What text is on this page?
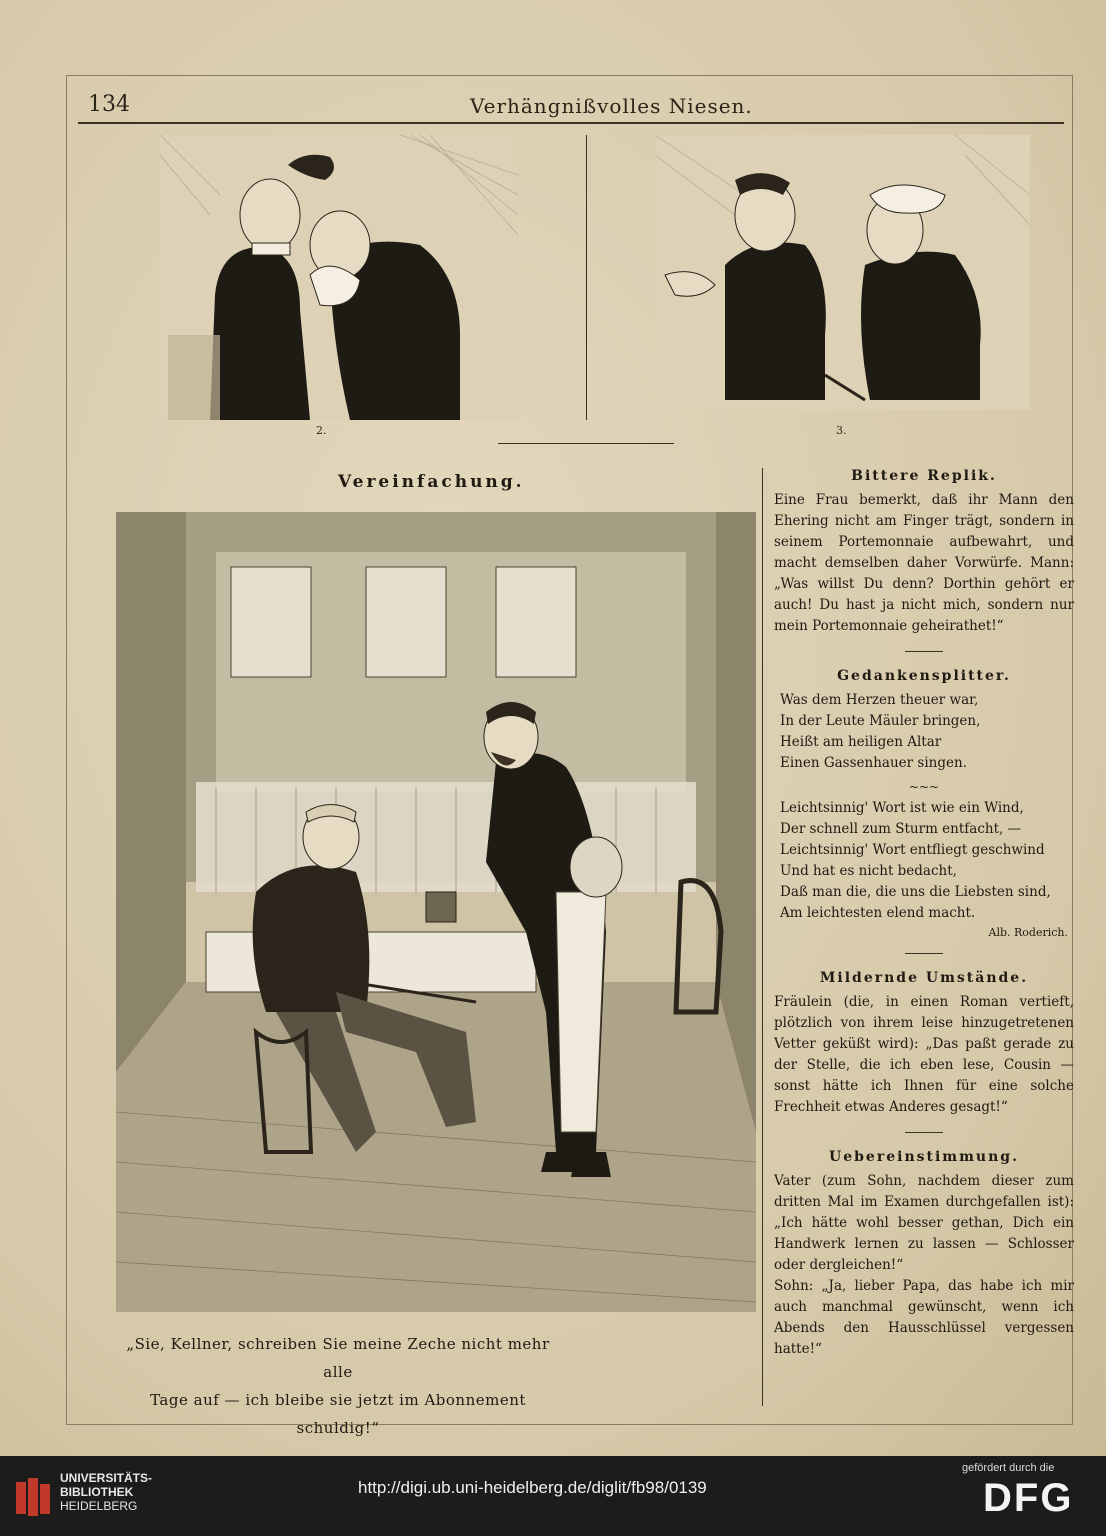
134	Verhängnißvolles Niesen.
2.	3.
Vereinfachung.
„Sie, Kellner, schreiben Sie meine Zeche nicht mehr alle
Tage auf — ich bleibe sie jetzt im Abonnement schuldig!“
Bittere Replik.

Eine Frau bemerkt, daß ihr Mann den Ehering nicht am Finger trägt, sondern in seinem Portemonnaie aufbewahrt, und macht demselben daher Vorwürfe. Mann: „Was willst Du denn? Dorthin gehört er auch! Du hast ja nicht mich, sondern nur mein Portemonnaie geheirathet!“

Gedankensplitter.
Was dem Herzen theuer war,
In der Leute Mäuler bringen,
Heißt am heiligen Altar
Einen Gassenhauer singen.
~~~
Leichtsinnig' Wort ist wie ein Wind,
Der schnell zum Sturm entfacht, —
Leichtsinnig' Wort entfliegt geschwind
Und hat es nicht bedacht,
Daß man die, die uns die Liebsten sind,
Am leichtesten elend macht.
Alb. Roderich.
Mildernde Umstände.

Fräulein (die, in einen Roman vertieft, plötzlich von ihrem leise hinzugetretenen Vetter geküßt wird): „Das paßt gerade zu der Stelle, die ich eben lese, Cousin — sonst hätte ich Ihnen für eine solche Frechheit etwas Anderes gesagt!“

Uebereinstimmung.

Vater (zum Sohn, nachdem dieser zum dritten Mal im Examen durchgefallen ist): „Ich hätte wohl besser gethan, Dich ein Handwerk lernen zu lassen — Schlosser oder dergleichen!“

Sohn: „Ja, lieber Papa, das habe ich mir auch manchmal gewünscht, wenn ich Abends den Hausschlüssel vergessen hatte!“

UNIVERSITÄTS-
BIBLIOTHEK
HEIDELBERG
http://digi.ub.uni-heidelberg.de/diglit/fb98/0139
gefördert durch die
DFG
